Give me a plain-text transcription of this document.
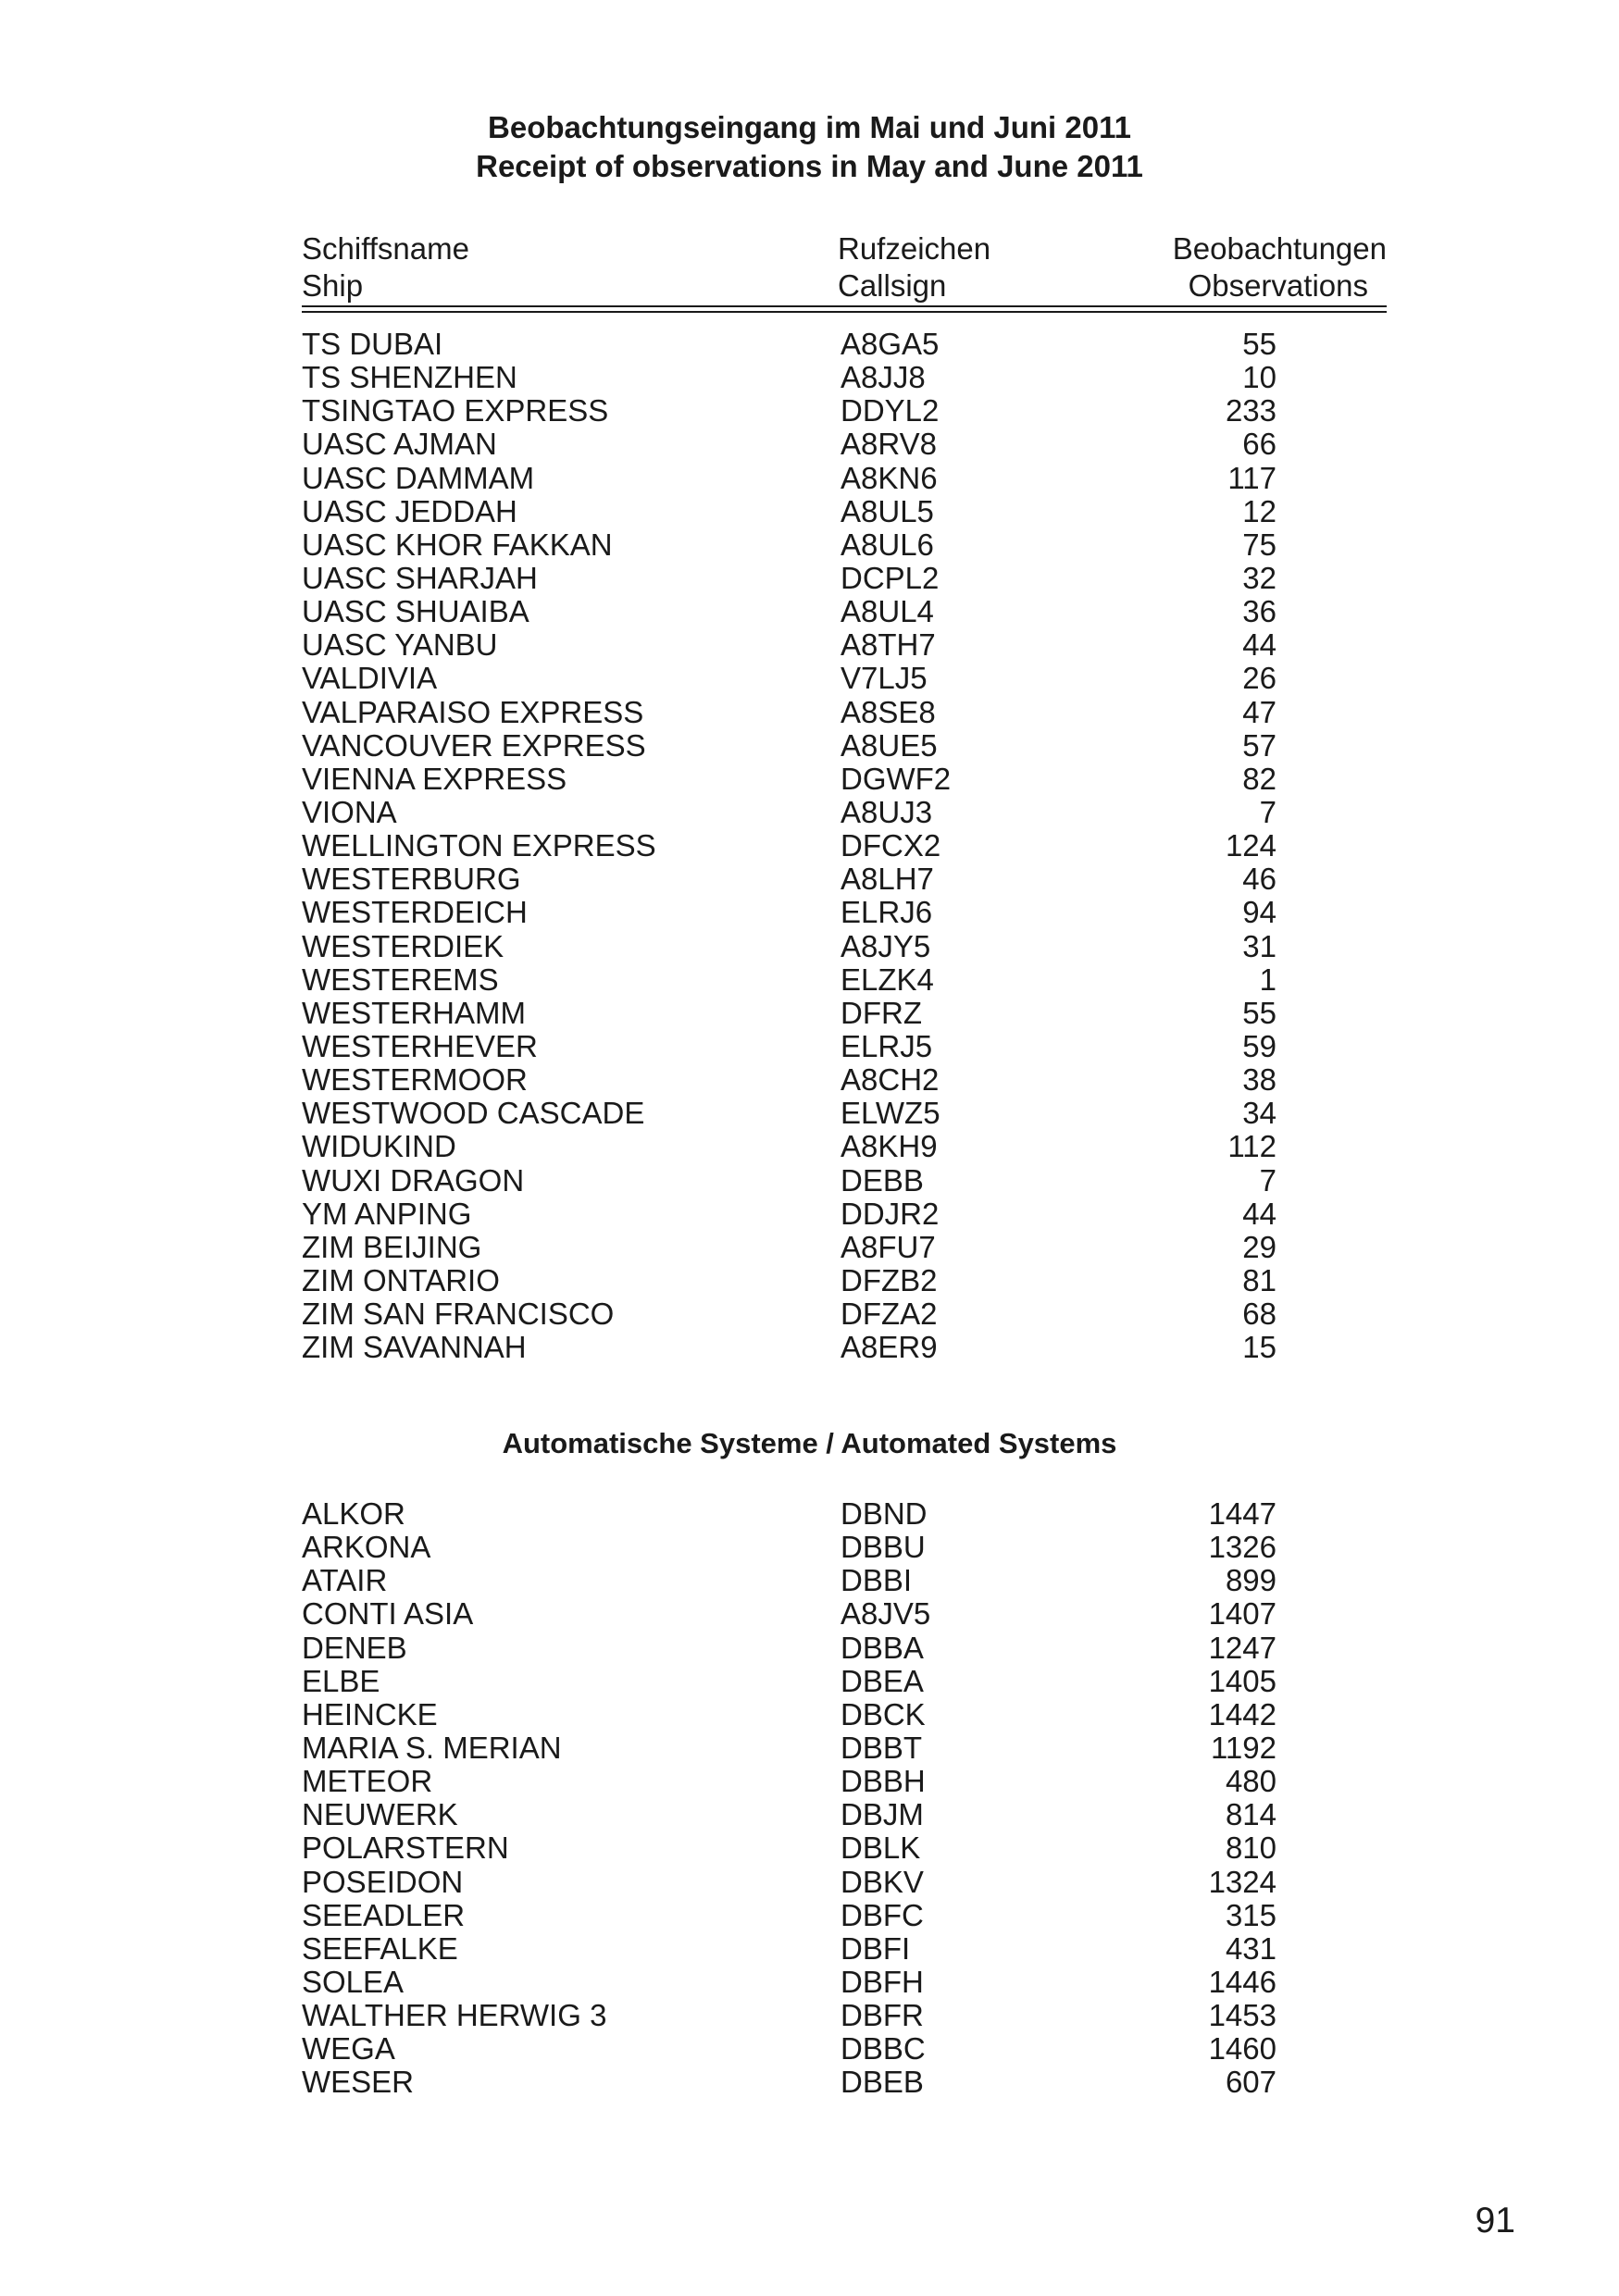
Beobachtungseingang im Mai und Juni 2011
Receipt of observations in May and June 2011
Schiffsname
Ship
Rufzeichen
Callsign
Beobachtungen
Observations
TS DUBAI	A8GA5	55
TS SHENZHEN	A8JJ8	10
TSINGTAO EXPRESS	DDYL2	233
UASC AJMAN	A8RV8	66
UASC DAMMAM	A8KN6	117
UASC JEDDAH	A8UL5	12
UASC KHOR FAKKAN	A8UL6	75
UASC SHARJAH	DCPL2	32
UASC SHUAIBA	A8UL4	36
UASC YANBU	A8TH7	44
VALDIVIA	V7LJ5	26
VALPARAISO EXPRESS	A8SE8	47
VANCOUVER EXPRESS	A8UE5	57
VIENNA EXPRESS	DGWF2	82
VIONA	A8UJ3	7
WELLINGTON EXPRESS	DFCX2	124
WESTERBURG	A8LH7	46
WESTERDEICH	ELRJ6	94
WESTERDIEK	A8JY5	31
WESTEREMS	ELZK4	1
WESTERHAMM	DFRZ	55
WESTERHEVER	ELRJ5	59
WESTERMOOR	A8CH2	38
WESTWOOD CASCADE	ELWZ5	34
WIDUKIND	A8KH9	112
WUXI DRAGON	DEBB	7
YM ANPING	DDJR2	44
ZIM BEIJING	A8FU7	29
ZIM ONTARIO	DFZB2	81
ZIM SAN FRANCISCO	DFZA2	68
ZIM SAVANNAH	A8ER9	15
Automatische Systeme / Automated Systems
ALKOR	DBND	1447
ARKONA	DBBU	1326
ATAIR	DBBI	899
CONTI ASIA	A8JV5	1407
DENEB	DBBA	1247
ELBE	DBEA	1405
HEINCKE	DBCK	1442
MARIA S. MERIAN	DBBT	1192
METEOR	DBBH	480
NEUWERK	DBJM	814
POLARSTERN	DBLK	810
POSEIDON	DBKV	1324
SEEADLER	DBFC	315
SEEFALKE	DBFI	431
SOLEA	DBFH	1446
WALTHER HERWIG 3	DBFR	1453
WEGA	DBBC	1460
WESER	DBEB	607
91
